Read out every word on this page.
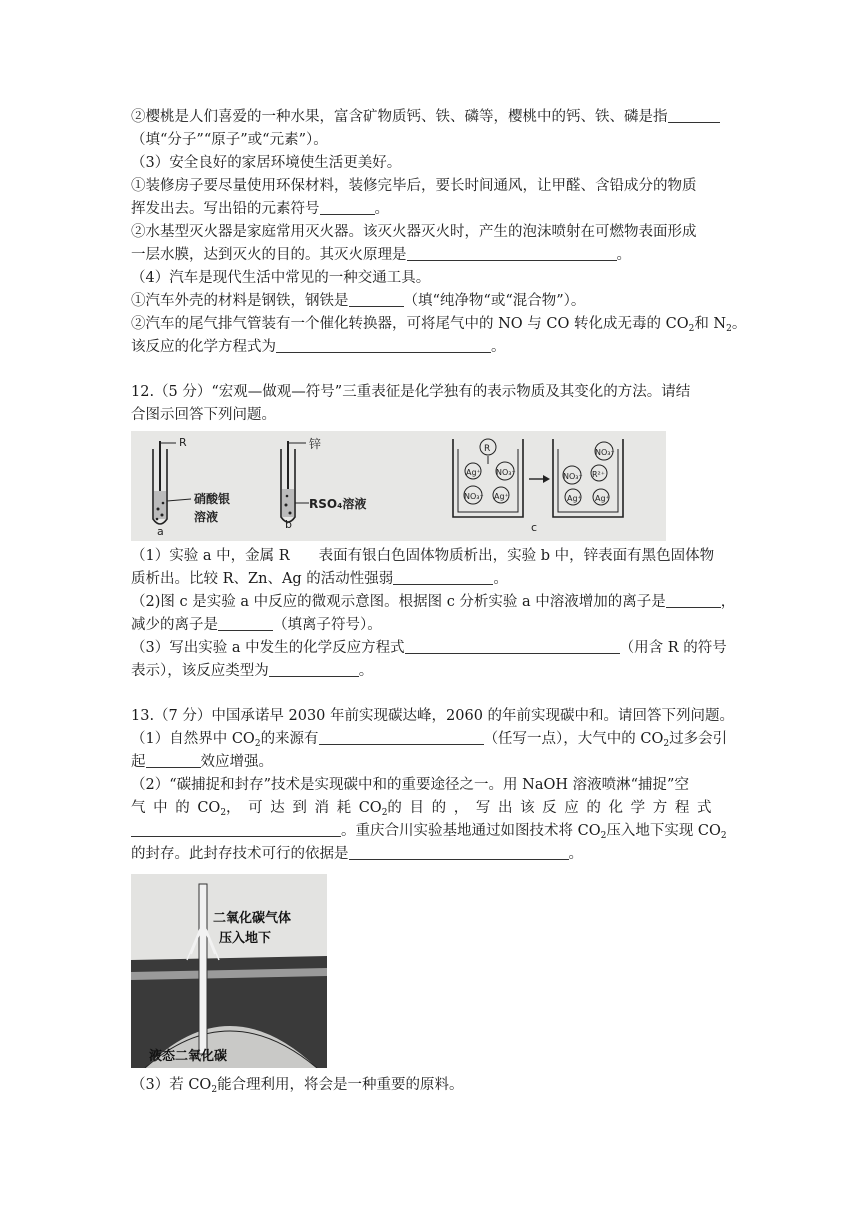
②樱桃是人们喜爱的一种水果，富含矿物质钙、铁、磷等，樱桃中的钙、铁、磷是指
（填“分子”“原子”或“元素”）。
（3）安全良好的家居环境使生活更美好。
①装修房子要尽量使用环保材料，装修完毕后，要长时间通风，让甲醛、含铅成分的物质
挥发出去。写出铅的元素符号	。
②水基型灭火器是家庭常用灭火器。该灭火器灭火时，产生的泡沫喷射在可燃物表面形成
一层水膜，达到灭火的目的。其灭火原理是	。
（4）汽车是现代生活中常见的一种交通工具。
①汽车外壳的材料是钢铁，钢铁是	（填“纯净物“或“混合物”）。
②汽车的尾气排气管装有一个催化转换器，可将尾气中的 NO 与 CO 转化成无毒的 $CO_2$和 $N_2$。
该反应的化学方程式为	。
12.（5 分）“宏观—做观—符号”三重表征是化学独有的表示物质及其变化的方法。请结
合图示回答下列问题。
R
硝酸银
溶液
a
锌
RSO₄溶液
b
R
Ag⁺ NO₃⁻
NO₃⁻ Ag⁺
NO₃⁻
NO₃⁻ R²⁺
Ag⁺ Ag⁺
c
（1）实验 a 中，金属 R　　表面有银白色固体物质析出，实验 b 中，锌表面有黑色固体物
质析出。比较 R、Zn、Ag 的活动性强弱	。
（2)图 c 是实验 a 中反应的微观示意图。根据图 c 分析实验 a 中溶液增加的离子是	，
减少的离子是	（填离子符号）。
（3）写出实验 a 中发生的化学反应方程式	（用含 R 的符号
表示），该反应类型为	。
13.（7 分）中国承诺早 2030 年前实现碳达峰，2060 的年前实现碳中和。请回答下列问题。
（1）自然界中 $CO_2$的来源有	（任写一点），大气中的 $CO_2$过多会引
起	效应增强。
（2）“碳捕捉和封存”技术是实现碳中和的重要途径之一。用 NaOH 溶液喷淋“捕捉”空
气 中 的 $CO_2$， 可 达 到 消 耗 $CO_2$的 目 的 ， 写 出 该 反 应 的 化 学 方 程 式
。重庆合川实验基地通过如图技术将 $CO_2$压入地下实现 $CO_2$
的封存。此封存技术可行的依据是	。
二氧化碳气体
压入地下
液态二氧化碳
（3）若 $CO_2$能合理利用，将会是一种重要的原料。
